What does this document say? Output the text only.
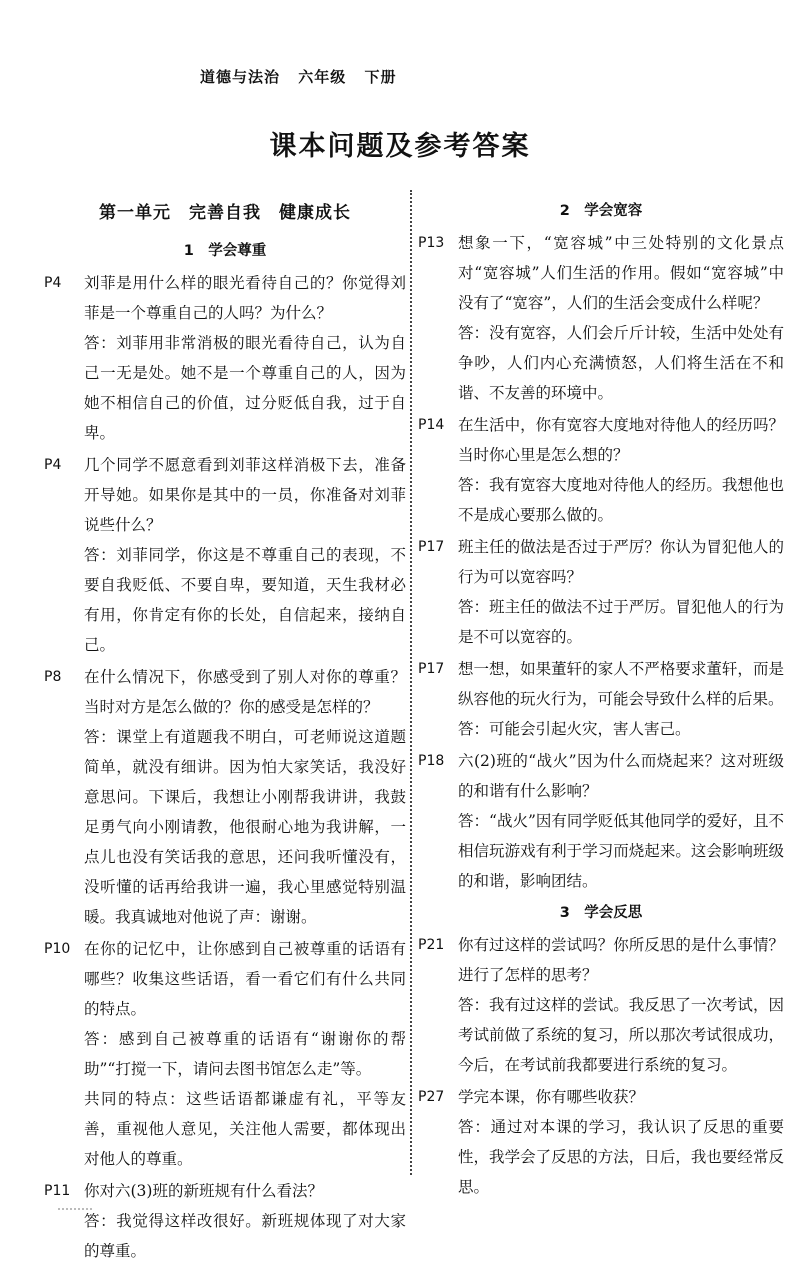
道德与法治 六年级 下册
课本问题及参考答案
第一单元　完善自我　健康成长
1　学会尊重
P4	刘菲是用什么样的眼光看待自己的？你觉得刘菲是一个尊重自己的人吗？为什么？
答：刘菲用非常消极的眼光看待自己，认为自己一无是处。她不是一个尊重自己的人，因为她不相信自己的价值，过分贬低自我，过于自卑。
P4	几个同学不愿意看到刘菲这样消极下去，准备开导她。如果你是其中的一员，你准备对刘菲说些什么？
答：刘菲同学，你这是不尊重自己的表现，不要自我贬低、不要自卑，要知道，天生我材必有用，你肯定有你的长处，自信起来，接纳自己。
P8	在什么情况下，你感受到了别人对你的尊重？当时对方是怎么做的？你的感受是怎样的？
答：课堂上有道题我不明白，可老师说这道题简单，就没有细讲。因为怕大家笑话，我没好意思问。下课后，我想让小刚帮我讲讲，我鼓足勇气向小刚请教，他很耐心地为我讲解，一点儿也没有笑话我的意思，还问我听懂没有，没听懂的话再给我讲一遍，我心里感觉特别温暖。我真诚地对他说了声：谢谢。
P10 在你的记忆中，让你感到自己被尊重的话语有哪些？收集这些话语，看一看它们有什么共同的特点。
答：感到自己被尊重的话语有“谢谢你的帮助”“打搅一下，请问去图书馆怎么走”等。
共同的特点：这些话语都谦虚有礼，平等友善，重视他人意见，关注他人需要，都体现出对他人的尊重。
P11 你对六(3)班的新班规有什么看法？
答：我觉得这样改很好。新班规体现了对大家的尊重。
2　学会宽容
P13 想象一下，“宽容城”中三处特别的文化景点对“宽容城”人们生活的作用。假如“宽容城”中没有了“宽容”，人们的生活会变成什么样呢？
答：没有宽容，人们会斤斤计较，生活中处处有争吵，人们内心充满愤怒，人们将生活在不和谐、不友善的环境中。
P14 在生活中，你有宽容大度地对待他人的经历吗？当时你心里是怎么想的？
答：我有宽容大度地对待他人的经历。我想他也不是成心要那么做的。
P17 班主任的做法是否过于严厉？你认为冒犯他人的行为可以宽容吗？
答：班主任的做法不过于严厉。冒犯他人的行为是不可以宽容的。
P17 想一想，如果董轩的家人不严格要求董轩，而是纵容他的玩火行为，可能会导致什么样的后果。
答：可能会引起火灾，害人害己。
P18 六(2)班的“战火”因为什么而烧起来？这对班级的和谐有什么影响？
答：“战火”因有同学贬低其他同学的爱好，且不相信玩游戏有利于学习而烧起来。这会影响班级的和谐，影响团结。
3　学会反思
P21 你有过这样的尝试吗？你所反思的是什么事情？进行了怎样的思考？
答：我有过这样的尝试。我反思了一次考试，因考试前做了系统的复习，所以那次考试很成功，今后，在考试前我都要进行系统的复习。
P27 学完本课，你有哪些收获？
答：通过对本课的学习，我认识了反思的重要性，我学会了反思的方法，日后，我也要经常反思。
